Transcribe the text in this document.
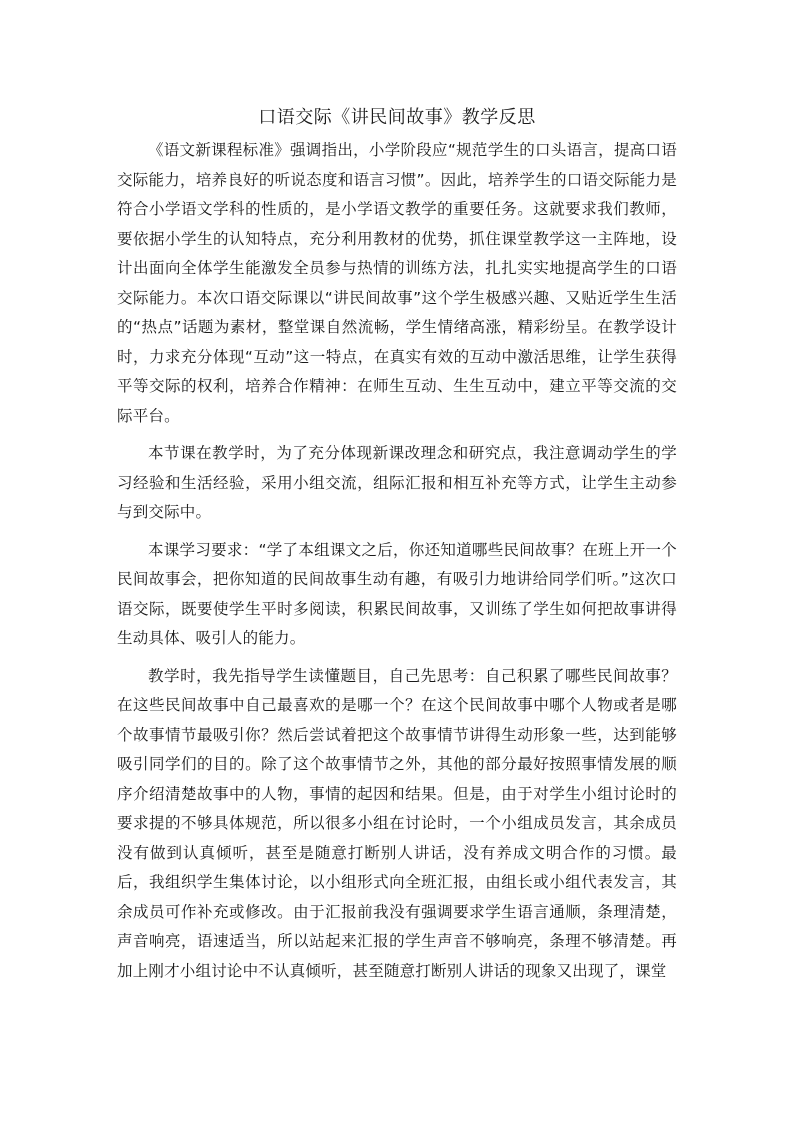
口语交际《讲民间故事》教学反思

《语文新课程标准》强调指出，小学阶段应“规范学生的口头语言，提高口语交际能力，培养良好的听说态度和语言习惯”。因此，培养学生的口语交际能力是符合小学语文学科的性质的，是小学语文教学的重要任务。这就要求我们教师，要依据小学生的认知特点，充分利用教材的优势，抓住课堂教学这一主阵地，设计出面向全体学生能激发全员参与热情的训练方法，扎扎实实地提高学生的口语交际能力。本次口语交际课以“讲民间故事”这个学生极感兴趣、又贴近学生生活的“热点”话题为素材，整堂课自然流畅，学生情绪高涨，精彩纷呈。在教学设计时，力求充分体现“互动”这一特点，在真实有效的互动中激活思维，让学生获得平等交际的权利，培养合作精神：在师生互动、生生互动中，建立平等交流的交际平台。

本节课在教学时，为了充分体现新课改理念和研究点，我注意调动学生的学习经验和生活经验，采用小组交流，组际汇报和相互补充等方式，让学生主动参与到交际中。

本课学习要求：“学了本组课文之后，你还知道哪些民间故事？在班上开一个民间故事会，把你知道的民间故事生动有趣，有吸引力地讲给同学们听。”这次口语交际，既要使学生平时多阅读，积累民间故事，又训练了学生如何把故事讲得生动具体、吸引人的能力。

教学时，我先指导学生读懂题目，自己先思考：自己积累了哪些民间故事？在这些民间故事中自己最喜欢的是哪一个？在这个民间故事中哪个人物或者是哪个故事情节最吸引你？然后尝试着把这个故事情节讲得生动形象一些，达到能够吸引同学们的目的。除了这个故事情节之外，其他的部分最好按照事情发展的顺序介绍清楚故事中的人物，事情的起因和结果。但是，由于对学生小组讨论时的要求提的不够具体规范，所以很多小组在讨论时，一个小组成员发言，其余成员没有做到认真倾听，甚至是随意打断别人讲话，没有养成文明合作的习惯。最后，我组织学生集体讨论，以小组形式向全班汇报，由组长或小组代表发言，其余成员可作补充或修改。由于汇报前我没有强调要求学生语言通顺，条理清楚，声音响亮，语速适当，所以站起来汇报的学生声音不够响亮，条理不够清楚。再加上刚才小组讨论中不认真倾听，甚至随意打断别人讲话的现象又出现了，课堂
